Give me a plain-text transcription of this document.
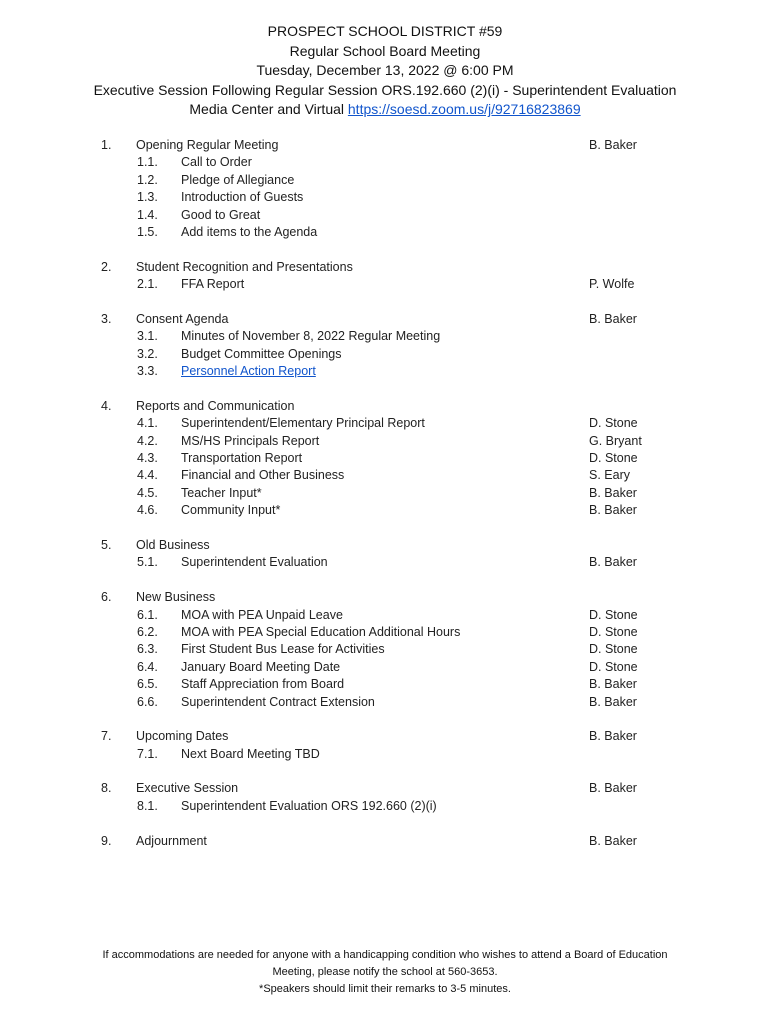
PROSPECT SCHOOL DISTRICT #59
Regular School Board Meeting
Tuesday, December 13, 2022 @ 6:00 PM
Executive Session Following Regular Session ORS.192.660 (2)(i) - Superintendent Evaluation
Media Center and Virtual https://soesd.zoom.us/j/92716823869
1. Opening Regular Meeting	B. Baker
1.1. Call to Order
1.2. Pledge of Allegiance
1.3. Introduction of Guests
1.4. Good to Great
1.5. Add items to the Agenda
2. Student Recognition and Presentations
2.1. FFA Report	P. Wolfe
3. Consent Agenda	B. Baker
3.1. Minutes of November 8, 2022 Regular Meeting
3.2. Budget Committee Openings
3.3. Personnel Action Report
4. Reports and Communication
4.1. Superintendent/Elementary Principal Report	D. Stone
4.2. MS/HS Principals Report	G. Bryant
4.3. Transportation Report	D. Stone
4.4. Financial and Other Business	S. Eary
4.5. Teacher Input*	B. Baker
4.6. Community Input*	B. Baker
5. Old Business
5.1. Superintendent Evaluation	B. Baker
6. New Business
6.1. MOA with PEA Unpaid Leave	D. Stone
6.2. MOA with PEA Special Education Additional Hours	D. Stone
6.3. First Student Bus Lease for Activities	D. Stone
6.4. January Board Meeting Date	D. Stone
6.5. Staff Appreciation from Board	B. Baker
6.6. Superintendent Contract Extension	B. Baker
7. Upcoming Dates	B. Baker
7.1. Next Board Meeting TBD
8. Executive Session	B. Baker
8.1. Superintendent Evaluation ORS 192.660 (2)(i)
9. Adjournment	B. Baker
If accommodations are needed for anyone with a handicapping condition who wishes to attend a Board of Education
Meeting, please notify the school at 560-3653.
*Speakers should limit their remarks to 3-5 minutes.
